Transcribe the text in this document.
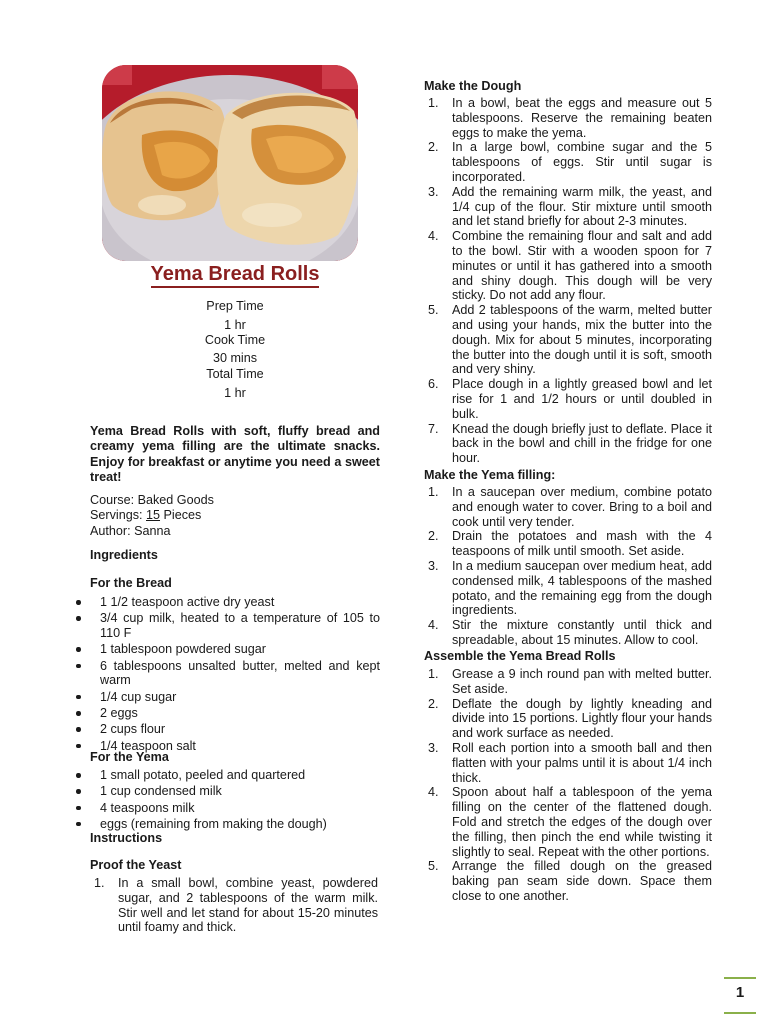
Yema Bread Rolls
Prep Time
1 hr
Cook Time
30 mins
Total Time
1 hr
Yema Bread Rolls with soft, fluffy bread and creamy yema filling are the ultimate snacks. Enjoy for breakfast or anytime you need a sweet treat!
Course: Baked Goods
Servings: 15 Pieces
Author: Sanna
Ingredients
For the Bread
1 1/2 teaspoon active dry yeast
3/4 cup milk, heated to a temperature of 105 to 110 F
1 tablespoon powdered sugar
6 tablespoons unsalted butter, melted and kept warm
1/4 cup sugar
2 eggs
2 cups flour
1/4 teaspoon salt
For the Yema
1 small potato, peeled and quartered
1 cup condensed milk
4 teaspoons milk
eggs (remaining from making the dough)
Instructions
Proof the Yeast
1. In a small bowl, combine yeast, powdered sugar, and 2 tablespoons of the warm milk. Stir well and let stand for about 15-20 minutes until foamy and thick.
Make the Dough
1. In a bowl, beat the eggs and measure out 5 tablespoons. Reserve the remaining beaten eggs to make the yema.
2. In a large bowl, combine sugar and the 5 tablespoons of eggs. Stir until sugar is incorporated.
3. Add the remaining warm milk, the yeast, and 1/4 cup of the flour. Stir mixture until smooth and let stand briefly for about 2-3 minutes.
4. Combine the remaining flour and salt and add to the bowl. Stir with a wooden spoon for 7 minutes or until it has gathered into a smooth and shiny dough. This dough will be very sticky. Do not add any flour.
5. Add 2 tablespoons of the warm, melted butter and using your hands, mix the butter into the dough. Mix for about 5 minutes, incorporating the butter into the dough until it is soft, smooth and very shiny.
6. Place dough in a lightly greased bowl and let rise for 1 and 1/2 hours or until doubled in bulk.
7. Knead the dough briefly just to deflate. Place it back in the bowl and chill in the fridge for one hour.
Make the Yema filling:
1. In a saucepan over medium, combine potato and enough water to cover. Bring to a boil and cook until very tender.
2. Drain the potatoes and mash with the 4 teaspoons of milk until smooth. Set aside.
3. In a medium saucepan over medium heat, add condensed milk, 4 tablespoons of the mashed potato, and the remaining egg from the dough ingredients.
4. Stir the mixture constantly until thick and spreadable, about 15 minutes. Allow to cool.
Assemble the Yema Bread Rolls
1. Grease a 9 inch round pan with melted butter. Set aside.
2. Deflate the dough by lightly kneading and divide into 15 portions. Lightly flour your hands and work surface as needed.
3. Roll each portion into a smooth ball and then flatten with your palms until it is about 1/4 inch thick.
4. Spoon about half a tablespoon of the yema filling on the center of the flattened dough. Fold and stretch the edges of the dough over the filling, then pinch the end while twisting it slightly to seal. Repeat with the other portions.
5. Arrange the filled dough on the greased baking pan seam side down. Space them close to one another.
1
